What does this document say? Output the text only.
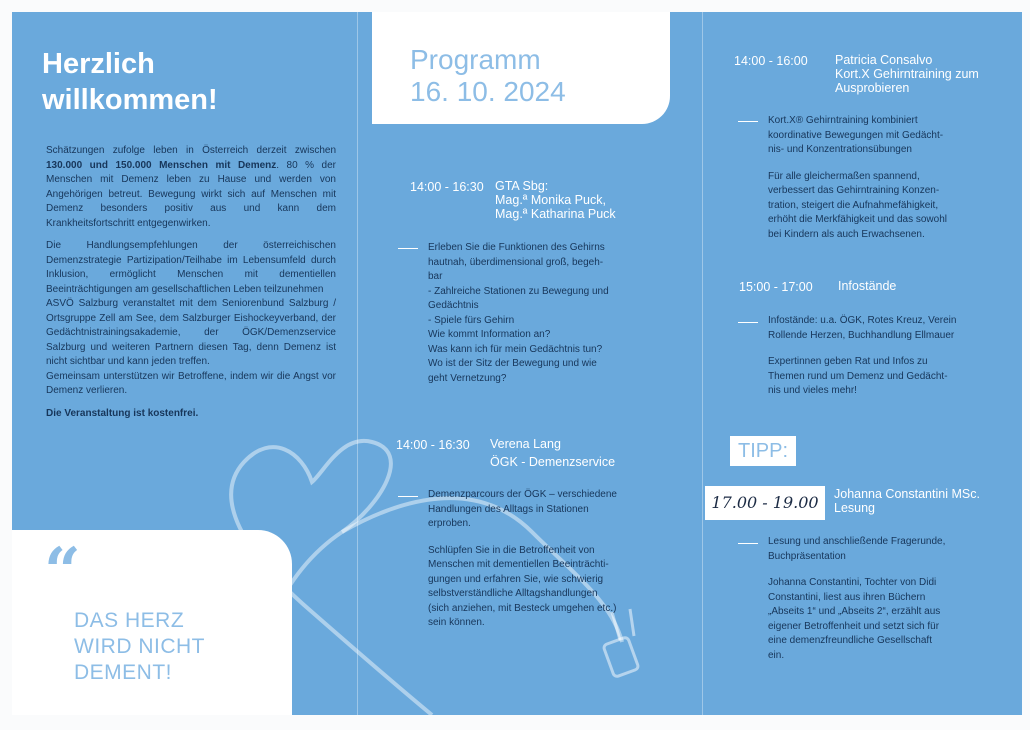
Herzlich
willkommen!

Schätzungen zufolge leben in Österreich derzeit zwischen 130.000 und 150.000 Menschen mit Demenz. 80 % der Menschen mit Demenz leben zu Hause und werden von Angehörigen betreut. Bewegung wirkt sich auf Menschen mit Demenz besonders positiv aus und kann dem Krankheitsfortschritt entgegenwirken.

Die Handlungsempfehlungen der österreichischen Demenzstrategie Partizipation/Teilhabe im Lebensumfeld durch Inklusion, ermöglicht Menschen mit dementiellen Beeinträchtigungen am gesellschaftlichen Leben teilzunehmen

ASVÖ Salzburg veranstaltet mit dem Seniorenbund Salzburg / Ortsgruppe Zell am See, dem Salzburger Eishockeyverband, der Gedächtnistrainingsakademie, der ÖGK/Demenzservice Salzburg und weiteren Partnern diesen Tag, denn Demenz ist nicht sichtbar und kann jeden treffen.

Gemeinsam unterstützen wir Betroffene, indem wir die Angst vor Demenz verlieren.

Die Veranstaltung ist kostenfrei.

“
DAS HERZ
WIRD NICHT
DEMENT!
Programm
16. 10. 2024
14:00 - 16:30 GTA Sbg:
Mag.ª Monika Puck,
Mag.ª Katharina Puck
Erleben Sie die Funktionen des Gehirns
hautnah, überdimensional groß, begeh-
bar
- Zahlreiche Stationen zu Bewegung und
Gedächtnis
- Spiele fürs Gehirn
Wie kommt Information an?
Was kann ich für mein Gedächtnis tun?
Wo ist der Sitz der Bewegung und wie
geht Vernetzung?
14:00 - 16:30 Verena Lang
ÖGK - Demenzservice
Demenzparcours der ÖGK – verschiedene
Handlungen des Alltags in Stationen
erproben.
Schlüpfen Sie in die Betroffenheit von
Menschen mit dementiellen Beeinträchti-
gungen und erfahren Sie, wie schwierig
selbstverständliche Alltagshandlungen
(sich anziehen, mit Besteck umgehen etc.)
sein können.
14:00 - 16:00 Patricia Consalvo
Kort.X Gehirntraining zum
Ausprobieren
Kort.X® Gehirntraining kombiniert
koordinative Bewegungen mit Gedächt-
nis- und Konzentrationsübungen
Für alle gleichermaßen spannend,
verbessert das Gehirntraining Konzen-
tration, steigert die Aufnahmefähigkeit,
erhöht die Merkfähigkeit und das sowohl
bei Kindern als auch Erwachsenen.
15:00 - 17:00 Infostände
Infostände: u.a. ÖGK, Rotes Kreuz, Verein
Rollende Herzen, Buchhandlung Ellmauer
Expertinnen geben Rat und Infos zu
Themen rund um Demenz und Gedächt-
nis und vieles mehr!
TIPP:
17.00 - 19.00	Johanna Constantini MSc.
Lesung
Lesung und anschließende Fragerunde,
Buchpräsentation
Johanna Constantini, Tochter von Didi
Constantini, liest aus ihren Büchern
„Abseits 1“ und „Abseits 2“, erzählt aus
eigener Betroffenheit und setzt sich für
eine demenzfreundliche Gesellschaft
ein.
